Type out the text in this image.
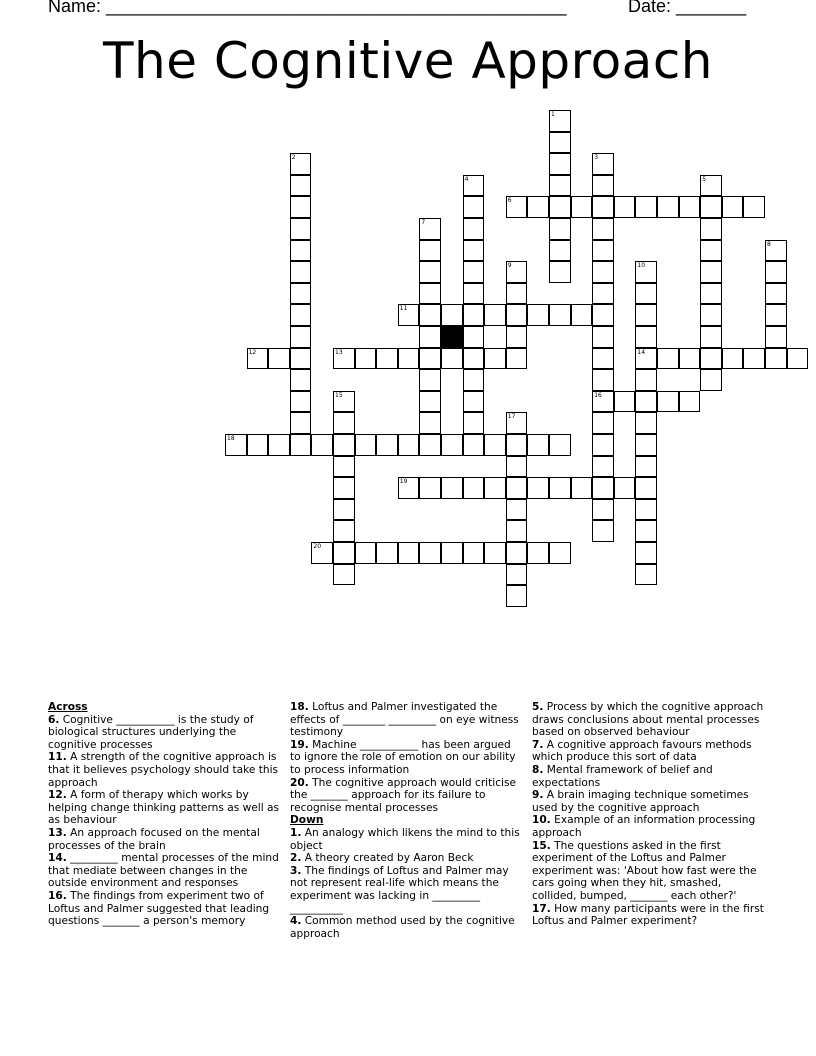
Name: ______________________________________________	Date: _______
The Cognitive Approach
1
2	3
16
4	5
6
7
8
9	10
14
11
12	13
15
17
18
19
20
Across
6. Cognitive ___________ is the study of biological structures underlying the cognitive processes
11. A strength of the cognitive approach is that it believes psychology should take this approach
12. A form of therapy which works by helping change thinking patterns as well as as behaviour
13. An approach focused on the mental processes of the brain
14. _________ mental processes of the mind that mediate between changes in the outside environment and responses
16. The findings from experiment two of Loftus and Palmer suggested that leading questions _______ a person's memory
18. Loftus and Palmer investigated the effects of ________ _________ on eye witness testimony
19. Machine ___________ has been argued to ignore the role of emotion on our ability to process information
20. The cognitive approach would criticise the _______ approach for its failure to recognise mental processes
Down
1. An analogy which likens the mind to this object
2. A theory created by Aaron Beck
3. The findings of Loftus and Palmer may not represent real-life which means the experiment was lacking in _________ __________
4. Common method used by the cognitive approach
5. Process by which the cognitive approach draws conclusions about mental processes based on observed behaviour
7. A cognitive approach favours methods which produce this sort of data
8. Mental framework of belief and expectations
9. A brain imaging technique sometimes used by the cognitive approach
10. Example of an information processing approach
15. The questions asked in the first experiment of the Loftus and Palmer experiment was: 'About how fast were the cars going when they hit, smashed, collided, bumped, _______ each other?'
17. How many participants were in the first Loftus and Palmer experiment?
